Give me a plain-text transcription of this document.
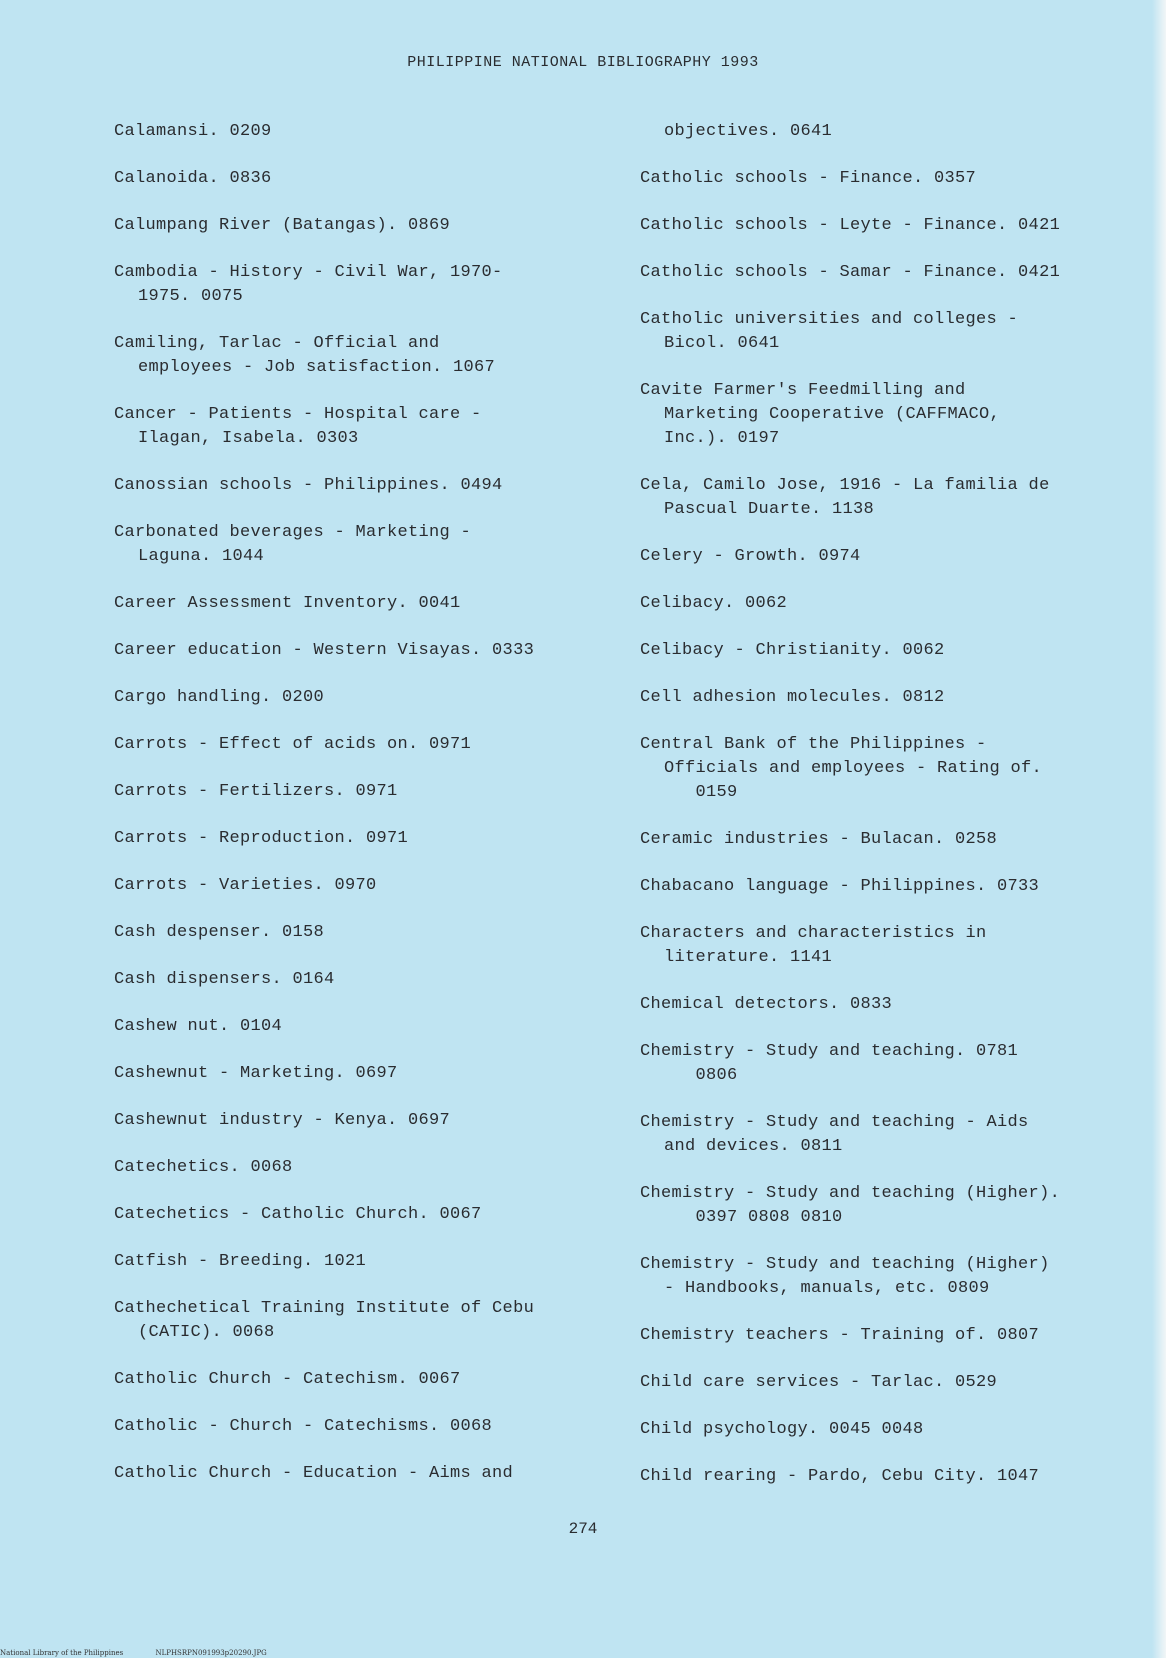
PHILIPPINE NATIONAL BIBLIOGRAPHY 1993
Calamansi. 0209
Calanoida. 0836
Calumpang River (Batangas). 0869
Cambodia - History - Civil War, 1970-
1975. 0075
Camiling, Tarlac - Official and
employees - Job satisfaction. 1067
Cancer - Patients - Hospital care -
Ilagan, Isabela. 0303
Canossian schools - Philippines. 0494
Carbonated beverages - Marketing -
Laguna. 1044
Career Assessment Inventory. 0041
Career education - Western Visayas. 0333
Cargo handling. 0200
Carrots - Effect of acids on. 0971
Carrots - Fertilizers. 0971
Carrots - Reproduction. 0971
Carrots - Varieties. 0970
Cash despenser. 0158
Cash dispensers. 0164
Cashew nut. 0104
Cashewnut - Marketing. 0697
Cashewnut industry - Kenya. 0697
Catechetics. 0068
Catechetics - Catholic Church. 0067
Catfish - Breeding. 1021
Cathechetical Training Institute of Cebu
(CATIC). 0068
Catholic Church - Catechism. 0067
Catholic - Church - Catechisms. 0068
Catholic Church - Education - Aims and
objectives. 0641
Catholic schools - Finance. 0357
Catholic schools - Leyte - Finance. 0421
Catholic schools - Samar - Finance. 0421
Catholic universities and colleges -
Bicol. 0641
Cavite Farmer's Feedmilling and
Marketing Cooperative (CAFFMACO,
Inc.). 0197
Cela, Camilo Jose, 1916 - La familia de
Pascual Duarte. 1138
Celery - Growth. 0974
Celibacy. 0062
Celibacy - Christianity. 0062
Cell adhesion molecules. 0812
Central Bank of the Philippines -
Officials and employees - Rating of.
0159
Ceramic industries - Bulacan. 0258
Chabacano language - Philippines. 0733
Characters and characteristics in
literature. 1141
Chemical detectors. 0833
Chemistry - Study and teaching. 0781
0806
Chemistry - Study and teaching - Aids
and devices. 0811
Chemistry - Study and teaching (Higher).
0397 0808 0810
Chemistry - Study and teaching (Higher)
- Handbooks, manuals, etc. 0809
Chemistry teachers - Training of. 0807
Child care services - Tarlac. 0529
Child psychology. 0045 0048
Child rearing - Pardo, Cebu City. 1047
274
National Library of the Philippines	NLPHSRPN091993p20290.JPG
